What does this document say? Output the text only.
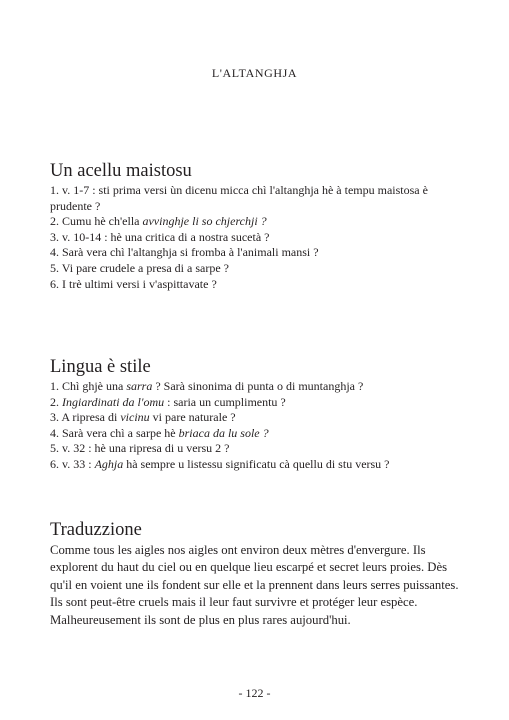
L'ALTANGHJA
Un acellu maistosu

1. v. 1-7 : sti prima versi ùn dicenu micca chì l'altanghja hè à tempu maistosa è prudente ?

2. Cumu hè ch'ella avvinghje li so chjerchji ?

3. v. 10-14 : hè una critica di a nostra sucetà ?

4. Sarà vera chì l'altanghja si fromba à l'animali mansi ?

5. Vi pare crudele a presa di a sarpe ?

6. I trè ultimi versi i v'aspittavate ?

Lingua è stile

1. Chì ghjè una sarra ? Sarà sinonima di punta o di muntanghja ?

2. Ingiardinati da l'omu : saria un cumplimentu ?

3. A ripresa di vicinu vi pare naturale ?

4. Sarà vera chì a sarpe hè briaca da lu sole ?

5. v. 32 : hè una ripresa di u versu 2 ?

6. v. 33 : Aghja hà sempre u listessu significatu cà quellu di stu versu ?

Traduzzione

Comme tous les aigles nos aigles ont environ deux mètres d'envergure. Ils explorent du haut du ciel ou en quelque lieu escarpé et secret leurs proies. Dès qu'il en voient une ils fondent sur elle et la prennent dans leurs serres puissantes. Ils sont peut-être cruels mais il leur faut survivre et protéger leur espèce. Malheureusement ils sont de plus en plus rares aujourd'hui.

- 122 -
